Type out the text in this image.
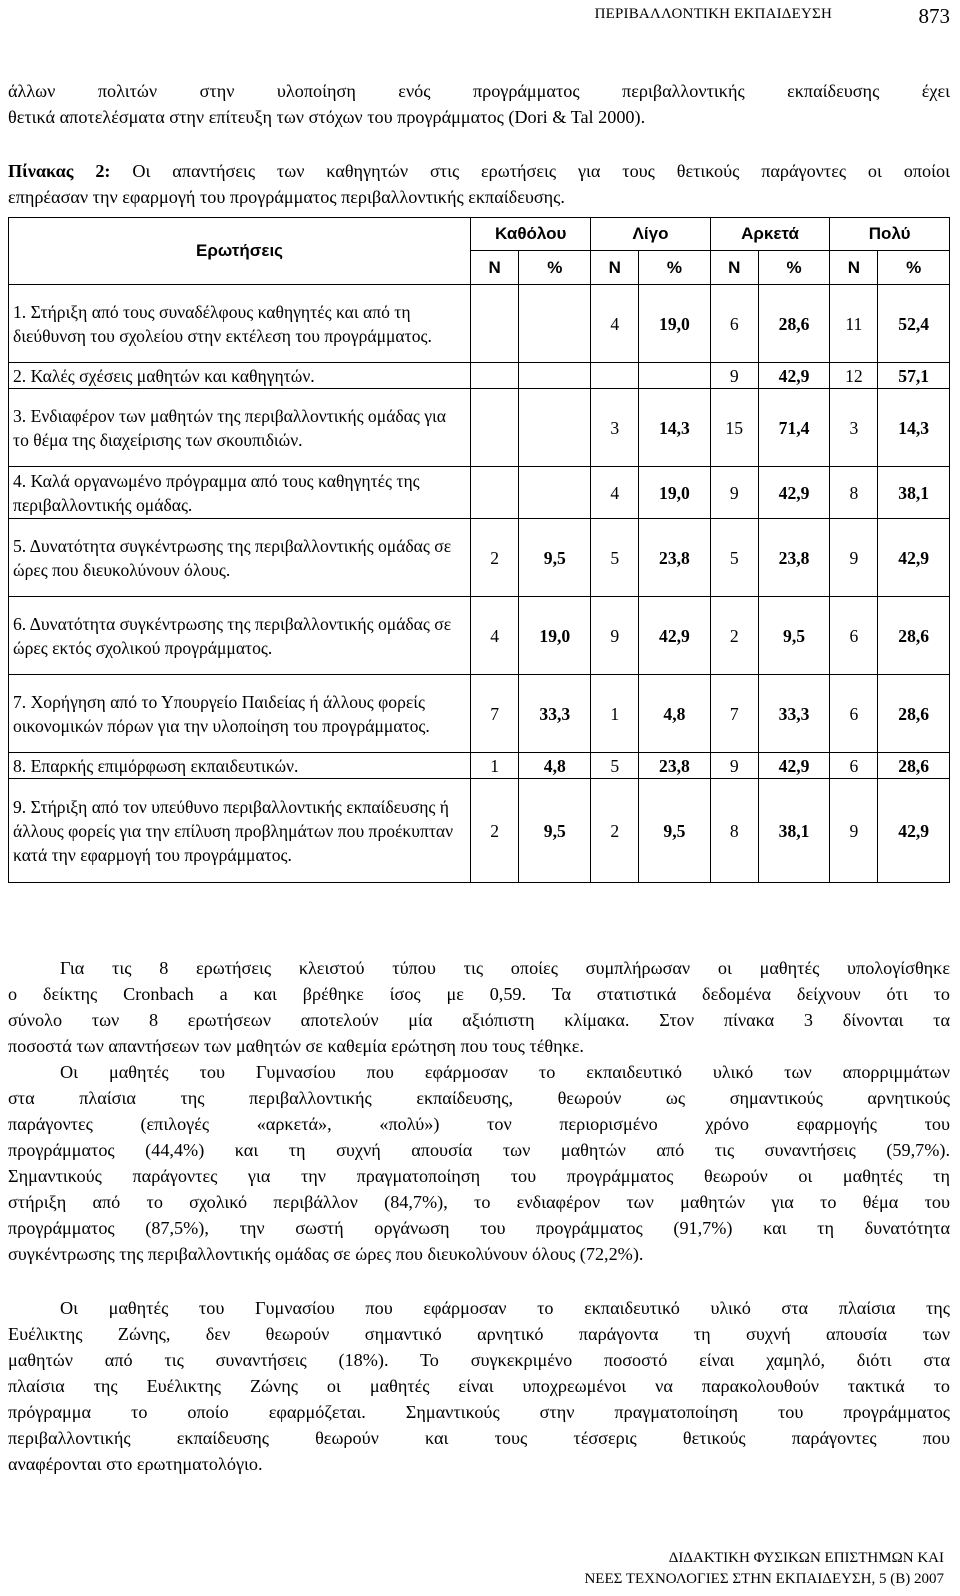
ΠΕΡΙΒΑΛΛΟΝΤΙΚΗ ΕΚΠΑΙΔΕΥΣΗ	873
άλλων πολιτών στην υλοποίηση ενός προγράμματος περιβαλλοντικής εκπαίδευσης έχει
θετικά αποτελέσματα στην επίτευξη των στόχων του προγράμματος (Dori & Tal 2000).
Πίνακας 2: Οι απαντήσεις των καθηγητών στις ερωτήσεις για τους θετικούς παράγοντες οι οποίοι
επηρέασαν την εφαρμογή του προγράμματος περιβαλλοντικής εκπαίδευσης.
Ερωτήσεις	Καθόλου		Λίγο		Αρκετά		Πολύ	
	N	%	N	%	N	%	N	%
1. Στήριξη από τους συναδέλφους καθηγητές και από τη διεύθυνση του σχολείου στην εκτέλεση του προγράμματος.			4	19,0	6	28,6	11	52,4
2. Καλές σχέσεις μαθητών και καθηγητών.					9	42,9	12	57,1
3. Ενδιαφέρον των μαθητών της περιβαλλοντικής ομάδας για το θέμα της διαχείρισης των σκουπιδιών.			3	14,3	15	71,4	3	14,3
4. Καλά οργανωμένο πρόγραμμα από τους καθηγητές της περιβαλλοντικής ομάδας.			4	19,0	9	42,9	8	38,1
5. Δυνατότητα συγκέντρωσης της περιβαλλοντικής ομάδας σε ώρες που διευκολύνουν όλους.	2	9,5	5	23,8	5	23,8	9	42,9
6. Δυνατότητα συγκέντρωσης της περιβαλλοντικής ομάδας σε ώρες εκτός σχολικού προγράμματος.	4	19,0	9	42,9	2	9,5	6	28,6
7. Χορήγηση από το Υπουργείο Παιδείας ή άλλους φορείς οικονομικών πόρων για την υλοποίηση του προγράμματος.	7	33,3	1	4,8	7	33,3	6	28,6
8. Επαρκής επιμόρφωση εκπαιδευτικών.	1	4,8	5	23,8	9	42,9	6	28,6
9. Στήριξη από τον υπεύθυνο περιβαλλοντικής εκπαίδευσης ή άλλους φορείς για την επίλυση προβλημάτων που προέκυπταν κατά την εφαρμογή του προγράμματος.	2	9,5	2	9,5	8	38,1	9	42,9
Για τις 8 ερωτήσεις κλειστού τύπου τις οποίες συμπλήρωσαν οι μαθητές υπολογίσθηκε
ο δείκτης Cronbach a και βρέθηκε ίσος με 0,59. Τα στατιστικά δεδομένα δείχνουν ότι το
σύνολο των 8 ερωτήσεων αποτελούν μία αξιόπιστη κλίμακα. Στον πίνακα 3 δίνονται τα
ποσοστά των απαντήσεων των μαθητών σε καθεμία ερώτηση που τους τέθηκε.
Οι μαθητές του Γυμνασίου που εφάρμοσαν το εκπαιδευτικό υλικό των απορριμμάτων
στα πλαίσια της περιβαλλοντικής εκπαίδευσης, θεωρούν ως σημαντικούς αρνητικούς
παράγοντες (επιλογές «αρκετά», «πολύ») τον περιορισμένο χρόνο εφαρμογής του
προγράμματος (44,4%) και τη συχνή απουσία των μαθητών από τις συναντήσεις (59,7%).
Σημαντικούς παράγοντες για την πραγματοποίηση του προγράμματος θεωρούν οι μαθητές τη
στήριξη από το σχολικό περιβάλλον (84,7%), το ενδιαφέρον των μαθητών για το θέμα του
προγράμματος (87,5%), την σωστή οργάνωση του προγράμματος (91,7%) και τη δυνατότητα
συγκέντρωσης της περιβαλλοντικής ομάδας σε ώρες που διευκολύνουν όλους (72,2%).
Οι μαθητές του Γυμνασίου που εφάρμοσαν το εκπαιδευτικό υλικό στα πλαίσια της
Ευέλικτης Ζώνης, δεν θεωρούν σημαντικό αρνητικό παράγοντα τη συχνή απουσία των
μαθητών από τις συναντήσεις (18%). Το συγκεκριμένο ποσοστό είναι χαμηλό, διότι στα
πλαίσια της Ευέλικτης Ζώνης οι μαθητές είναι υποχρεωμένοι να παρακολουθούν τακτικά το
πρόγραμμα το οποίο εφαρμόζεται. Σημαντικούς στην πραγματοποίηση του προγράμματος
περιβαλλοντικής εκπαίδευσης θεωρούν και τους τέσσερις θετικούς παράγοντες που
αναφέρονται στο ερωτηματολόγιο.
ΔΙΔΑΚΤΙΚΗ ΦΥΣΙΚΩΝ ΕΠΙΣΤΗΜΩΝ ΚΑΙ
ΝΕΕΣ ΤΕΧΝΟΛΟΓΙΕΣ ΣΤΗΝ ΕΚΠΑΙΔΕΥΣΗ, 5 (Β) 2007
